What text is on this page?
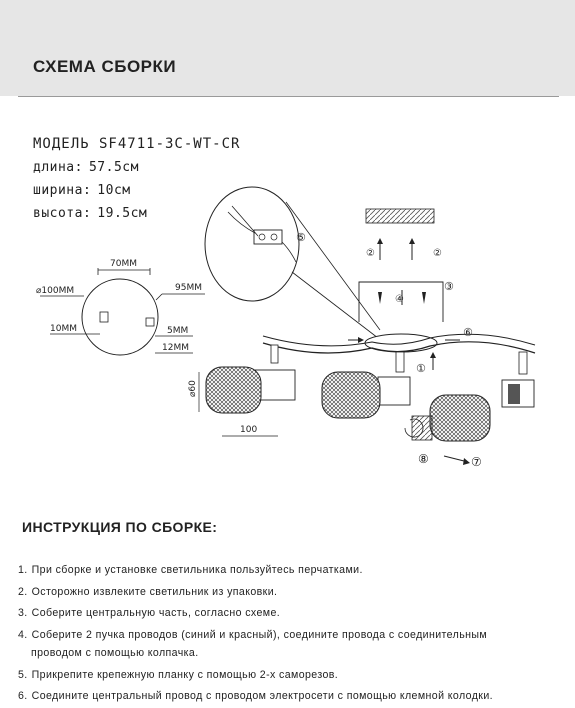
СХЕМА СБОРКИ
МОДЕЛЬ SF4711-3C-WT-CR
длина: 57.5см
ширина: 10см
высота: 19.5см
70MM
⌀100MM	95MM
10MM	5MM
12MM
⑤
②	②
④
③
⑥
①
⌀60
100
⑧	⑦
ИНСТРУКЦИЯ ПО СБОРКЕ:
1. При сборке и установке светильника пользуйтесь перчатками.
2. Осторожно извлеките светильник из упаковки.
3. Соберите центральную часть, согласно схеме.
4. Соберите 2 пучка проводов (синий и красный), соедините провода с соединительным
проводом с помощью колпачка.
5. Прикрепите крепежную планку с помощью 2-х саморезов.
6. Соедините центральный провод с проводом электросети с помощью клемной колодки.
